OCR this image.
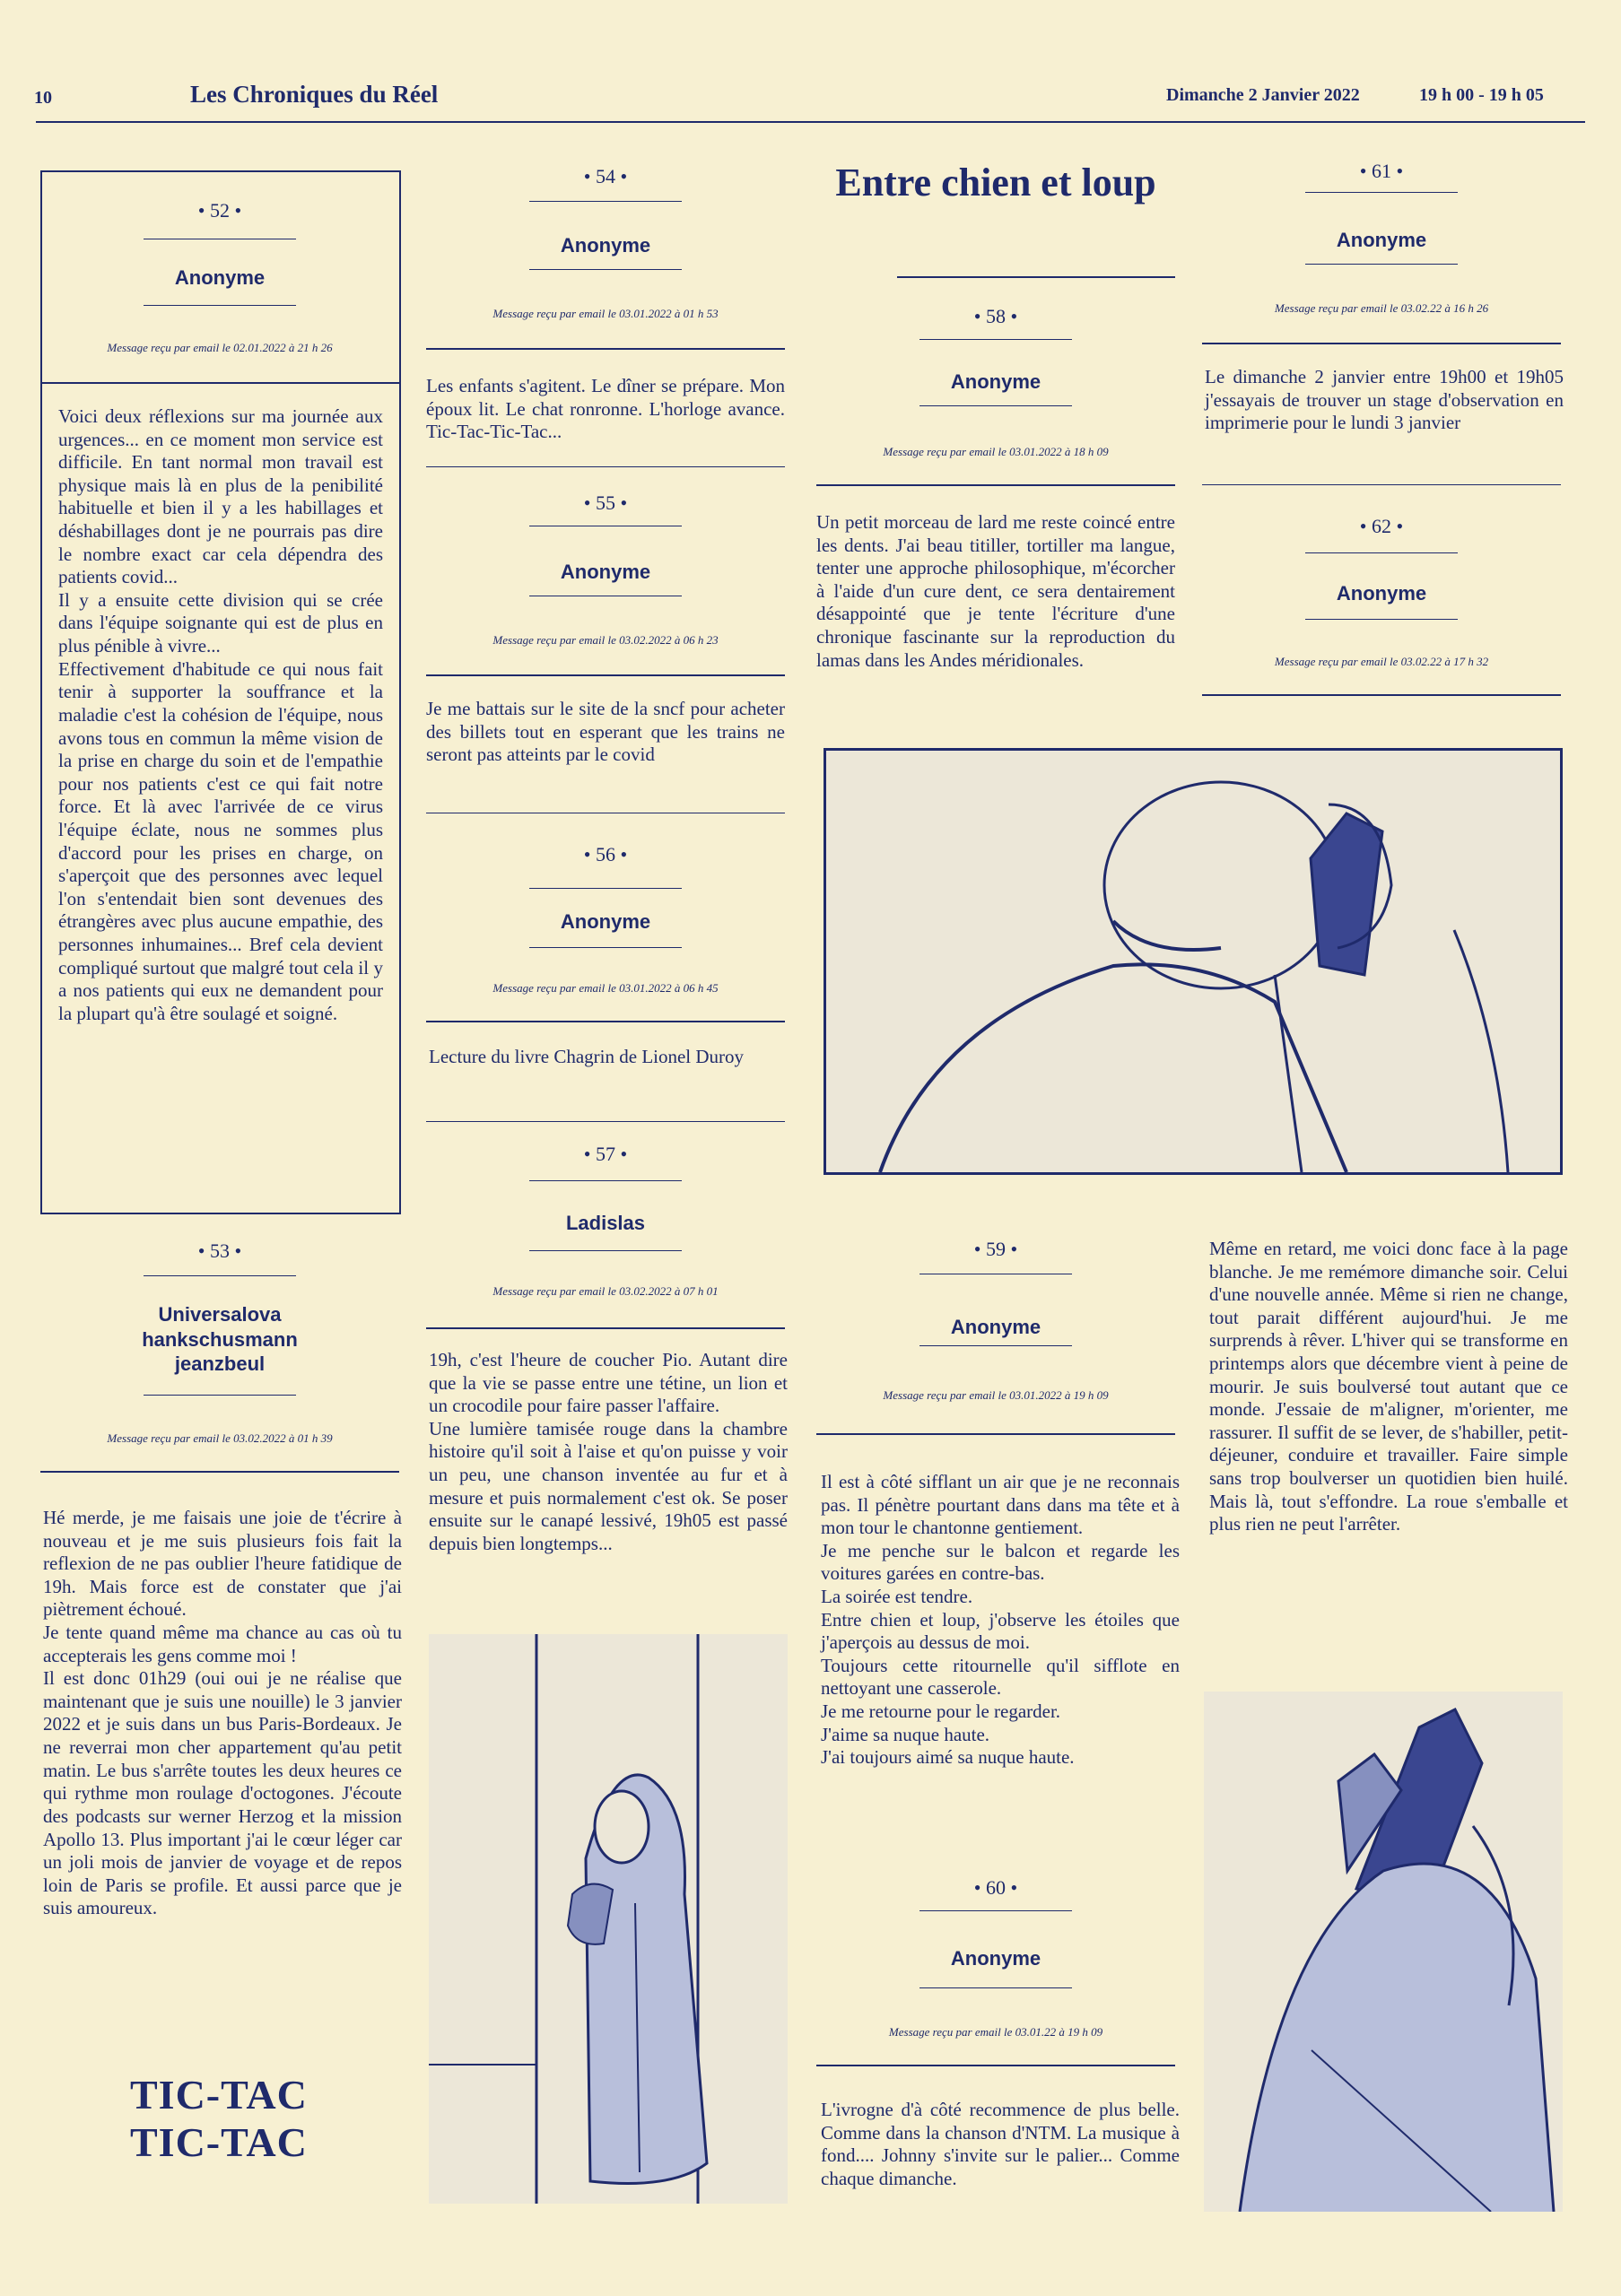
10	Les Chroniques du Réel	Dimanche 2 Janvier 2022	19 h 00 - 19 h 05
• 52 •
Anonyme
Message reçu par email le 02.01.2022 à 21 h 26
Voici deux réflexions sur ma journée aux urgences... en ce moment mon service est difficile. En tant normal mon travail est physique mais là en plus de la penibilité habituelle et bien il y a les habillages et déshabillages dont je ne pourrais pas dire le nombre exact car cela dépendra des patients covid...
Il y a ensuite cette division qui se crée dans l'équipe soignante qui est de plus en plus pénible à vivre...
Effectivement d'habitude ce qui nous fait tenir à supporter la souffrance et la maladie c'est la cohésion de l'équipe, nous avons tous en commun la même vision de la prise en charge du soin et de l'empathie pour nos patients c'est ce qui fait notre force. Et là avec l'arrivée de ce virus l'équipe éclate, nous ne sommes plus d'accord pour les prises en charge, on s'aperçoit que des personnes avec lequel l'on s'entendait bien sont devenues des étrangères avec plus aucune empathie, des personnes inhumaines... Bref cela devient compliqué surtout que malgré tout cela il y a nos patients qui eux ne demandent pour la plupart qu'à être soulagé et soigné.
• 53 •
Universalova
hankschusmann
jeanzbeul
Message reçu par email le 03.02.2022 à 01 h 39
Hé merde, je me faisais une joie de t'écrire à nouveau et je me suis plusieurs fois fait la reflexion de ne pas oublier l'heure fatidique de 19h. Mais force est de constater que j'ai piètrement échoué.
Je tente quand même ma chance au cas où tu accepterais les gens comme moi !
Il est donc 01h29 (oui oui je ne réalise que maintenant que je suis une nouille) le 3 janvier 2022 et je suis dans un bus Paris-Bordeaux. Je ne reverrai mon cher appartement qu'au petit matin. Le bus s'arrête toutes les deux heures ce qui rythme mon roulage d'octogones. J'écoute des podcasts sur werner Herzog et la mission Apollo 13. Plus important j'ai le cœur léger car un joli mois de janvier de voyage et de repos loin de Paris se profile. Et aussi parce que je suis amoureux.
TIC-TAC
TIC-TAC
• 54 •
Anonyme
Message reçu par email le 03.01.2022 à 01 h 53
Les enfants s'agitent. Le dîner se prépare. Mon époux lit. Le chat ronronne. L'horloge avance. Tic-Tac-Tic-Tac...
• 55 •
Anonyme
Message reçu par email le 03.02.2022 à 06 h 23
Je me battais sur le site de la sncf pour acheter des billets tout en esperant que les trains ne seront pas atteints par le covid
• 56 •
Anonyme
Message reçu par email le 03.01.2022 à 06 h 45
Lecture du livre Chagrin de Lionel Duroy
• 57 •
Ladislas
Message reçu par email le 03.02.2022 à 07 h 01
19h, c'est l'heure de coucher Pio. Autant dire que la vie se passe entre une tétine, un lion et un crocodile pour faire passer l'affaire.
Une lumière tamisée rouge dans la chambre histoire qu'il soit à l'aise et qu'on puisse y voir un peu, une chanson inventée au fur et à mesure et puis normalement c'est ok. Se poser ensuite sur le canapé lessivé, 19h05 est passé depuis bien longtemps...
Entre chien et loup
• 58 •
Anonyme
Message reçu par email le 03.01.2022 à 18 h 09
Un petit morceau de lard me reste coincé entre les dents. J'ai beau titiller, tortiller ma langue, tenter une approche philosophique, m'écorcher à l'aide d'un cure dent, ce sera dentairement désappointé que je tente l'écriture d'une chronique fascinante sur la reproduction du lamas dans les Andes méridionales.
• 59 •
Anonyme
Message reçu par email le 03.01.2022 à 19 h 09
Il est à côté sifflant un air que je ne reconnais pas. Il pénètre pourtant dans dans ma tête et à mon tour le chantonne gentiement.
Je me penche sur le balcon et regarde les voitures garées en contre-bas.
La soirée est tendre.
Entre chien et loup, j'observe les étoiles que j'aperçois au dessus de moi.
Toujours cette ritournelle qu'il sifflote en nettoyant une casserole.
Je me retourne pour le regarder.
J'aime sa nuque haute.
J'ai toujours aimé sa nuque haute.
• 60 •
Anonyme
Message reçu par email le 03.01.22 à 19 h 09
L'ivrogne d'à côté recommence de plus belle. Comme dans la chanson d'NTM. La musique à fond.... Johnny s'invite sur le palier... Comme chaque dimanche.
• 61 •
Anonyme
Message reçu par email le 03.02.22 à 16 h 26
Le dimanche 2 janvier entre 19h00 et 19h05 j'essayais de trouver un stage d'observation en imprimerie pour le lundi 3 janvier
• 62 •
Anonyme
Message reçu par email le 03.02.22 à 17 h 32
Même en retard, me voici donc face à la page blanche. Je me remémore dimanche soir. Celui d'une nouvelle année. Même si rien ne change, tout parait différent aujourd'hui. Je me surprends à rêver. L'hiver qui se transforme en printemps alors que décembre vient à peine de mourir. Je suis boulversé tout autant que ce monde. J'essaie de m'aligner, m'orienter, me rassurer. Il suffit de se lever, de s'habiller, petit-déjeuner, conduire et travailler. Faire simple sans trop boulverser un quotidien bien huilé. Mais là, tout s'effondre. La roue s'emballe et plus rien ne peut l'arrêter.
